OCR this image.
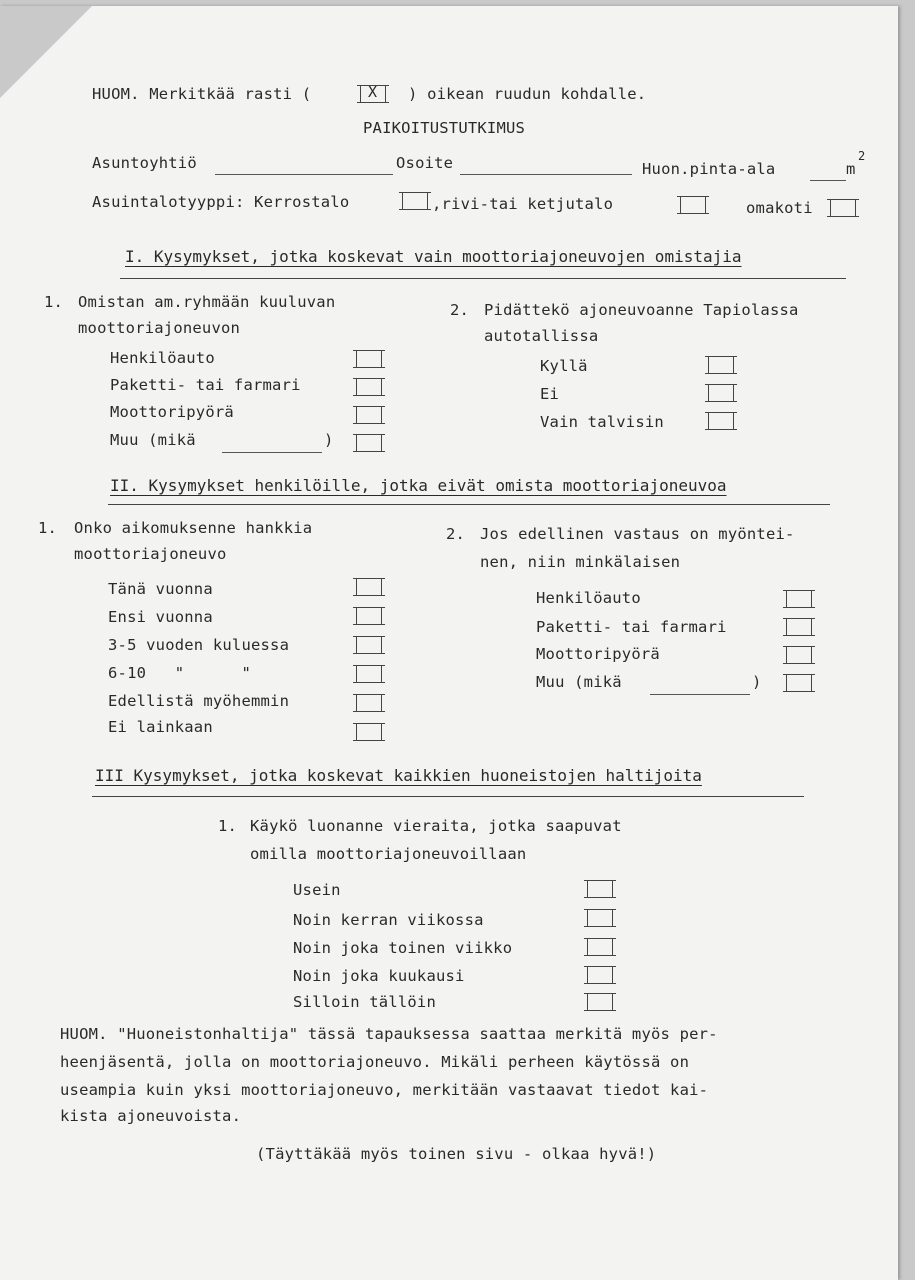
HUOM. Merkitkää rasti (	X ) oikean ruudun kohdalle.
PAIKOITUSTUTKIMUS
Asuntoyhtiö	Osoite	Huon.pinta-ala	m
2
Asuintalotyyppi: Kerrostalo	,rivi-tai ketjutalo	omakoti
I. Kysymykset, jotka koskevat vain moottoriajoneuvojen omistajia
1. Omistan am.ryhmään kuuluvan
moottoriajoneuvon
Henkilöauto
Paketti- tai farmari
Moottoripyörä
Muu (mikä	)
2. Pidättekö ajoneuvoanne Tapiolassa
autotallissa
Kyllä
Ei
Vain talvisin
II. Kysymykset henkilöille, jotka eivät omista moottoriajoneuvoa
1. Onko aikomuksenne hankkia
moottoriajoneuvo
Tänä vuonna
Ensi vuonna
3-5 vuoden kuluessa
6-10   "      "
Edellistä myöhemmin
Ei lainkaan
2. Jos edellinen vastaus on myöntei-
nen, niin minkälaisen
Henkilöauto
Paketti- tai farmari
Moottoripyörä
Muu (mikä	)
III Kysymykset, jotka koskevat kaikkien huoneistojen haltijoita
1. Käykö luonanne vieraita, jotka saapuvat
omilla moottoriajoneuvoillaan
Usein
Noin kerran viikossa
Noin joka toinen viikko
Noin joka kuukausi
Silloin tällöin
HUOM. "Huoneistonhaltija" tässä tapauksessa saattaa merkitä myös per-
heenjäsentä, jolla on moottoriajoneuvo. Mikäli perheen käytössä on
useampia kuin yksi moottoriajoneuvo, merkitään vastaavat tiedot kai-
kista ajoneuvoista.
(Täyttäkää myös toinen sivu - olkaa hyvä!)
